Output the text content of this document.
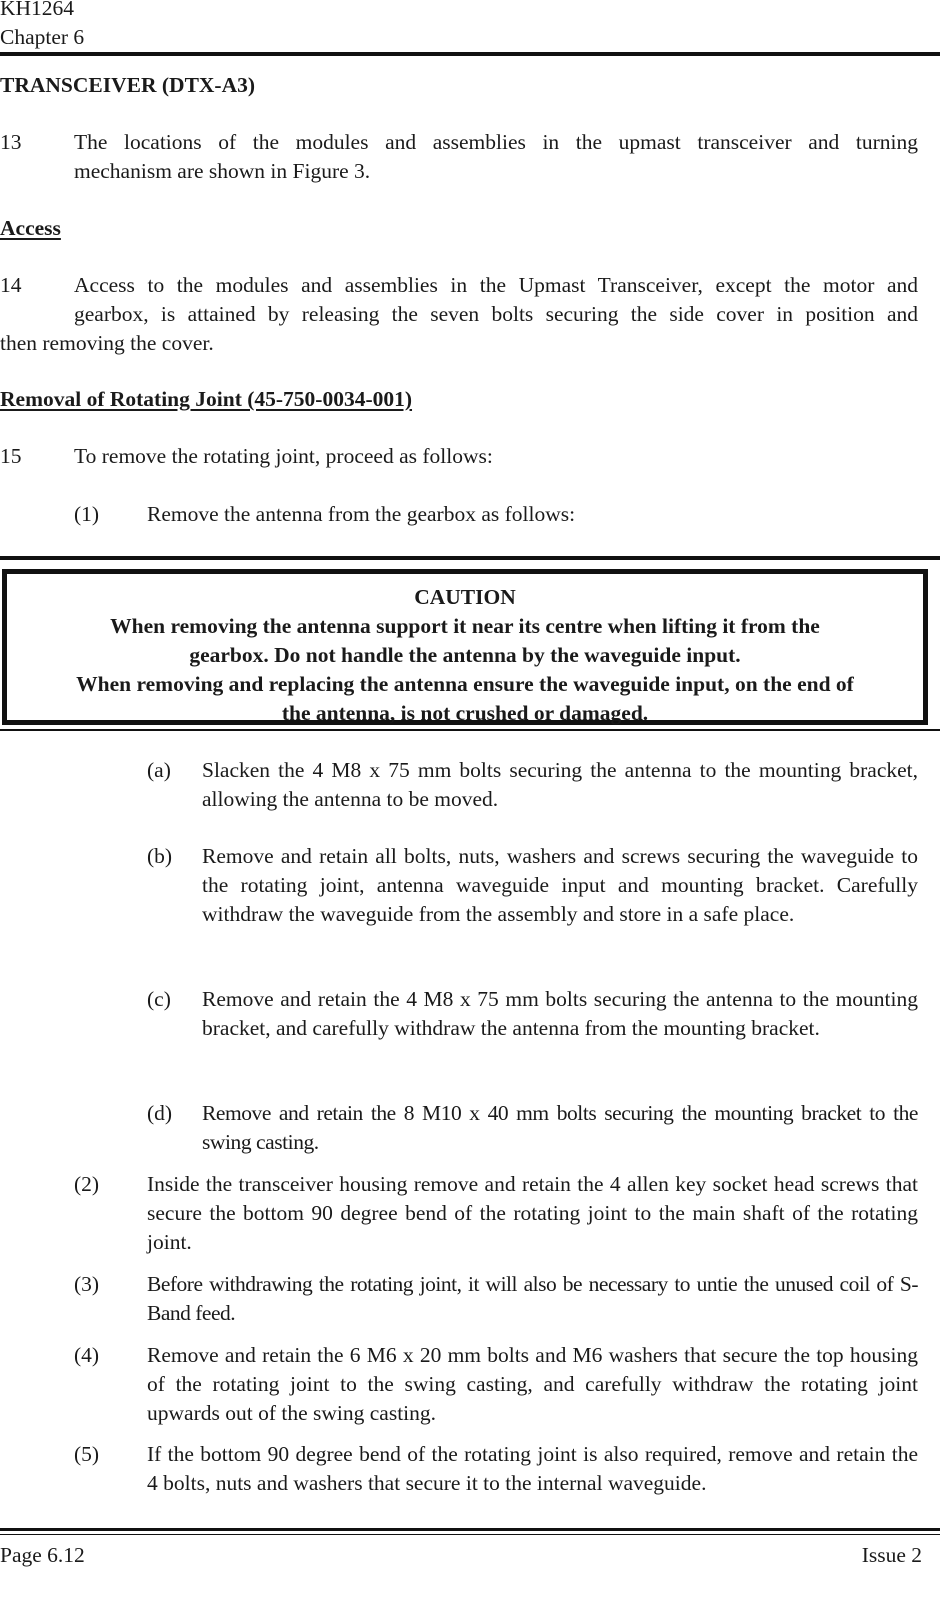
KH1264
Chapter 6
TRANSCEIVER (DTX-A3)
13 The locations of the modules and assemblies in the upmast transceiver and turning
mechanism are shown in Figure 3.
Access
14 Access to the modules and assemblies in the Upmast Transceiver, except the motor and
gearbox, is attained by releasing the seven bolts securing the side cover in position and
then removing the cover.
Removal of Rotating Joint (45-750-0034-001)
15 To remove the rotating joint, proceed as follows:
(1) Remove the antenna from the gearbox as follows:
CAUTION
When removing the antenna support it near its centre when lifting it from the
gearbox. Do not handle the antenna by the waveguide input.
When removing and replacing the antenna ensure the waveguide input, on the end of
the antenna, is not crushed or damaged.
(a) Slacken the 4 M8 x 75 mm bolts securing the antenna to the mounting bracket, allowing the antenna to be moved.
(b) Remove and retain all bolts, nuts, washers and screws securing the waveguide to the rotating joint, antenna waveguide input and mounting bracket. Carefully withdraw the waveguide from the assembly and store in a safe place.
(c) Remove and retain the 4 M8 x 75 mm bolts securing the antenna to the mounting bracket, and carefully withdraw the antenna from the mounting bracket.
(d) Remove and retain the 8 M10 x 40 mm bolts securing the mounting bracket to the swing casting.
(2) Inside the transceiver housing remove and retain the 4 allen key socket head screws that secure the bottom 90 degree bend of the rotating joint to the main shaft of the rotating joint.
(3) Before withdrawing the rotating joint, it will also be necessary to untie the unused coil of S-Band feed.
(4) Remove and retain the 6 M6 x 20 mm bolts and M6 washers that secure the top housing of the rotating joint to the swing casting, and carefully withdraw the rotating joint upwards out of the swing casting.
(5) If the bottom 90 degree bend of the rotating joint is also required, remove and retain the 4 bolts, nuts and washers that secure it to the internal waveguide.
Page 6.12	Issue 2
